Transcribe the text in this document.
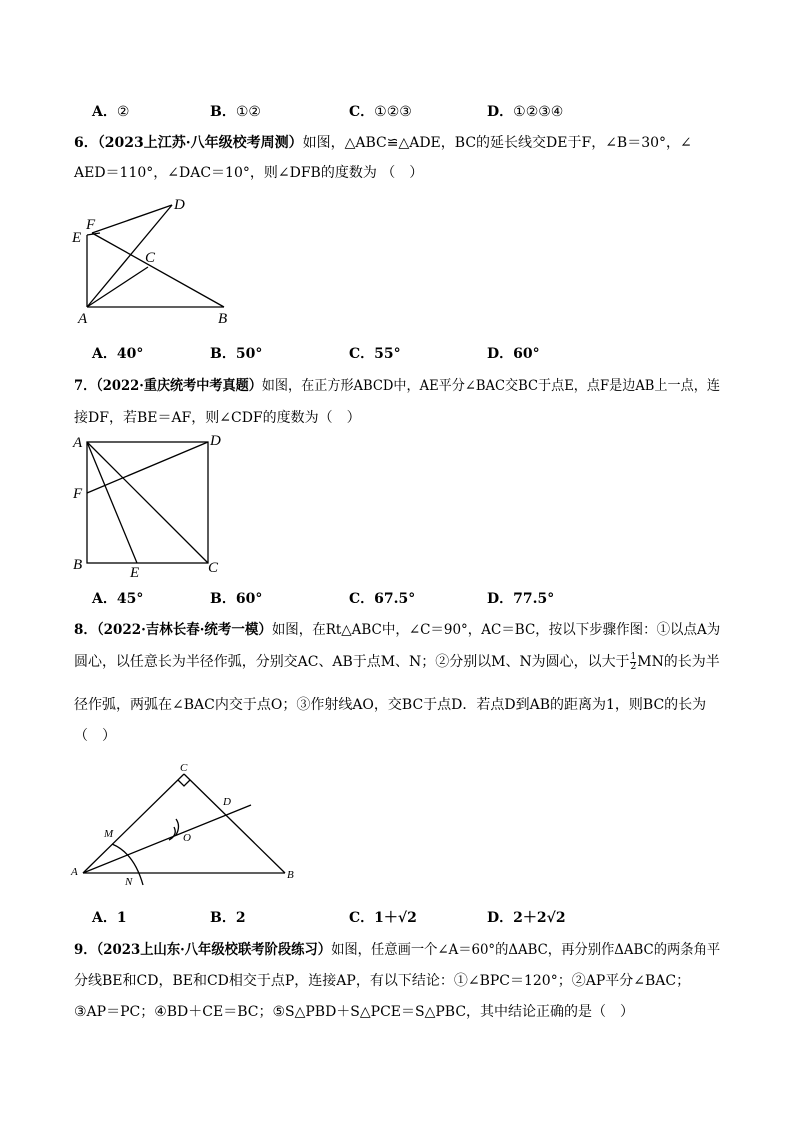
A．②	B．①②	C．①②③	D．①②③④
6．（2023上江苏·八年级校考周测）如图，△ABC≌△ADE，BC的延长线交DE于F，∠B＝30°，∠
AED＝110°，∠DAC＝10°，则∠DFB的度数为 （　）
D
F
E
C
A	B
A．40°	B．50°	C．55°	D．60°
7．（2022·重庆统考中考真题）如图，在正方形ABCD中，AE平分∠BAC交BC于点E，点F是边AB上一点，连
接DF，若BE＝AF，则∠CDF的度数为（　）
A	D
F
B	E	C
A．45°	B．60°	C．67.5°	D．77.5°
8．（2022·吉林长春·统考一模）如图，在Rt△ABC中，∠C＝90°，AC＝BC，按以下步骤作图：①以点A为
圆心，以任意长为半径作弧，分别交AC、AB于点M、N；②分别以M、N为圆心，以大于 $\frac{1}{2}$ MN的长为半
径作弧，两弧在∠BAC内交于点O；③作射线AO，交BC于点D．若点D到AB的距离为1，则BC的长为
（　）
C
D
M	O
A
N
B
A．1	B．2	C．1＋√2	D．2＋2√2
9．（2023上山东·八年级校联考阶段练习）如图，任意画一个∠A＝60°的ΔABC，再分别作ΔABC的两条角平
分线BE和CD，BE和CD相交于点P，连接AP，有以下结论：①∠BPC＝120°；②AP平分∠BAC；
③AP＝PC；④BD＋CE＝BC；⑤S△PBD＋S△PCE＝S△PBC，其中结论正确的是（　）
